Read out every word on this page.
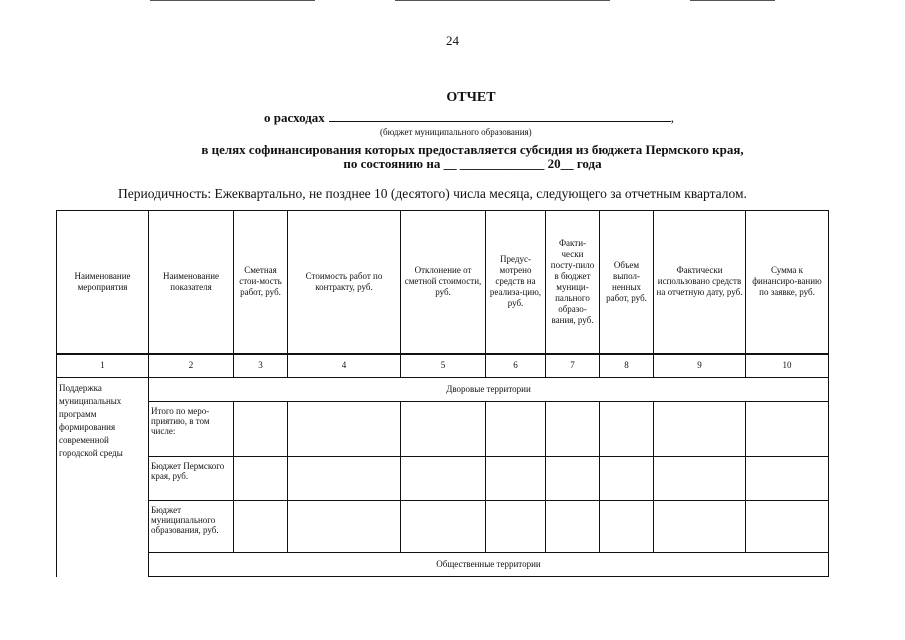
24
ОТЧЕТ
о расходах	,
(бюджет муниципального образования)
в целях софинансирования которых предоставляется субсидия из бюджета Пермского края,
по состоянию на __ _____________ 20__ года
Периодичность: Ежеквартально, не позднее 10 (десятого) числа месяца, следующего за отчетным кварталом.
Наименование мероприятия	Наименование показателя	Сметная стои-мость работ, руб.	Стоимость работ по контракту, руб.	Отклонение от сметной стоимости, руб.	Предус-мотрено средств на реализа-цию, руб.	Факти-чески посту-пило в бюджет муници-пального образо-вания, руб.	Объем выпол-ненных работ, руб.	Фактически использовано средств на отчетную дату, руб.	Сумма к финансиро-ванию по заявке, руб.
1	2	3	4	5	6	7	8	9	10
Поддержка муниципальных программ формирования современной городской среды	Дворовые территории								
	Итого по меро-приятию, в том числе:								
	Бюджет Пермского края, руб.								
	Бюджет муниципального образования, руб.								
	Общественные территории								
